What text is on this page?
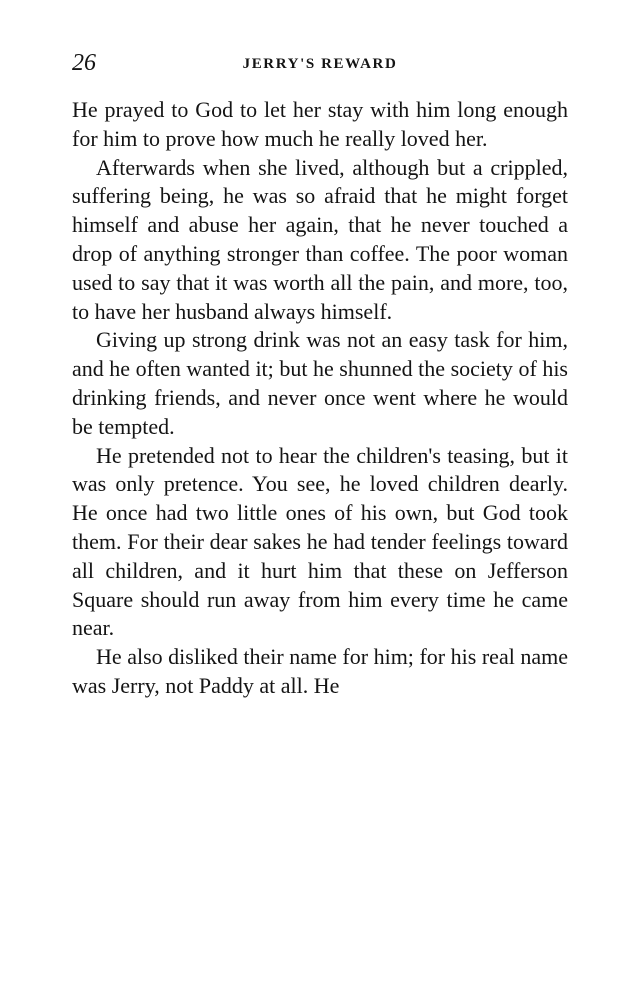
26	JERRY'S REWARD

He prayed to God to let her stay with him long enough for him to prove how much he really loved her.

Afterwards when she lived, although but a crippled, suffering being, he was so afraid that he might forget himself and abuse her again, that he never touched a drop of anything stronger than coffee. The poor woman used to say that it was worth all the pain, and more, too, to have her husband always himself.

Giving up strong drink was not an easy task for him, and he often wanted it; but he shunned the society of his drinking friends, and never once went where he would be tempted.

He pretended not to hear the children's teasing, but it was only pretence. You see, he loved children dearly. He once had two little ones of his own, but God took them. For their dear sakes he had tender feelings toward all children, and it hurt him that these on Jefferson Square should run away from him every time he came near.

He also disliked their name for him; for his real name was Jerry, not Paddy at all. He
